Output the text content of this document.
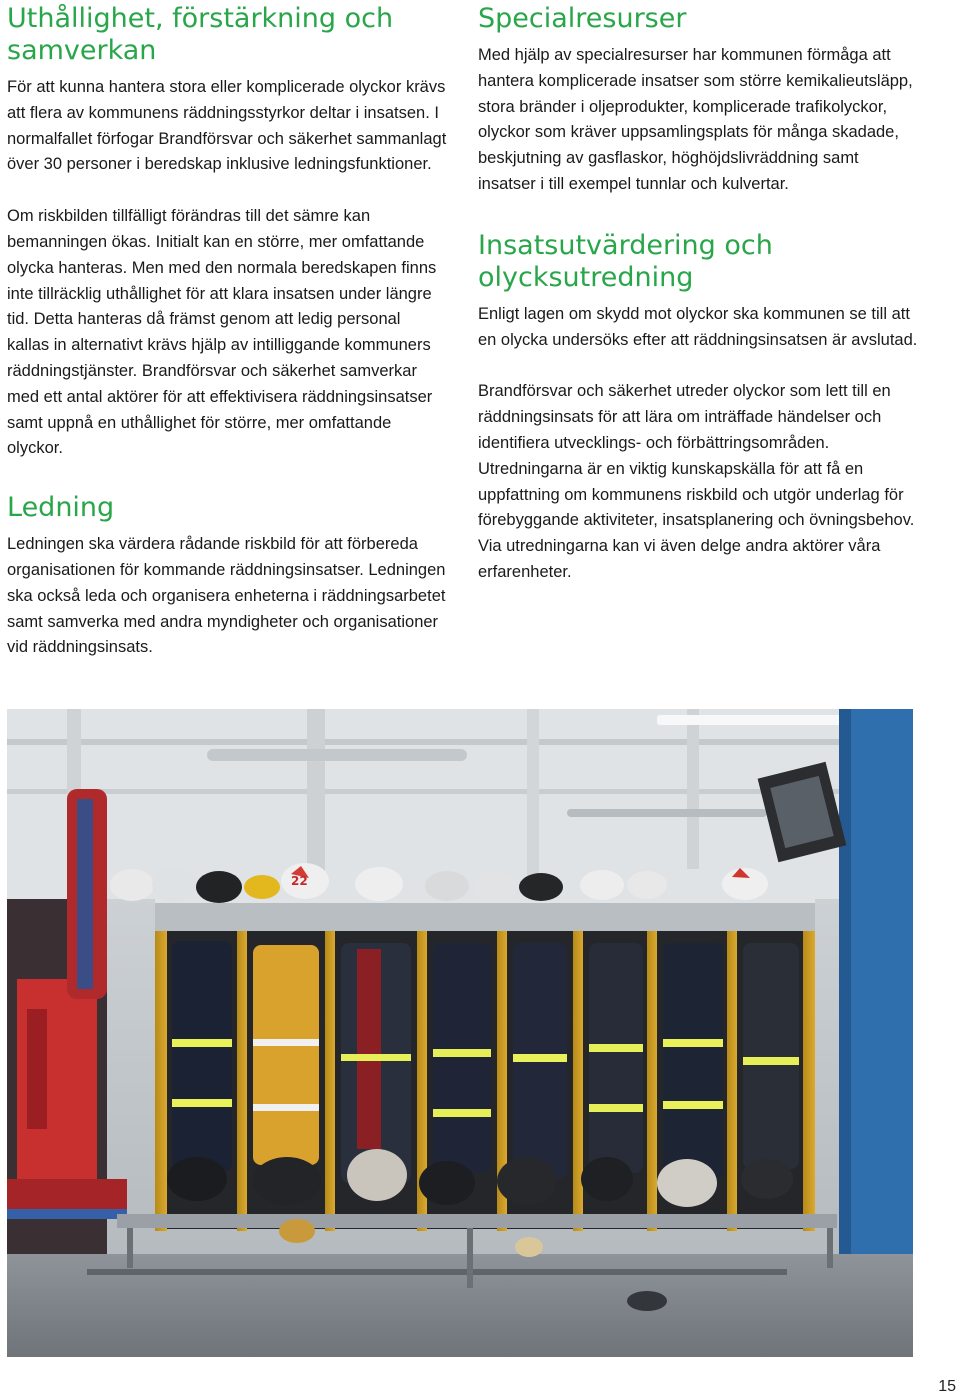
Uthållighet, förstärkning och samverkan

För att kunna hantera stora eller komplicerade olyckor krävs att flera av kommunens räddningsstyrkor deltar i insatsen. I normalfallet förfogar Brandförsvar och säkerhet sammanlagt över 30 personer i beredskap inklusive ledningsfunktioner.

Om riskbilden tillfälligt förändras till det sämre kan bemanningen ökas. Initialt kan en större, mer omfattande olycka hanteras. Men med den normala beredskapen finns inte tillräcklig uthållighet för att klara insatsen under längre tid. Detta hanteras då främst genom att ledig personal kallas in alternativt krävs hjälp av intilliggande kommuners räddningstjänster. Brandförsvar och säkerhet samverkar med ett antal aktörer för att effektivisera räddningsinsatser samt uppnå en uthållighet för större, mer omfattande olyckor.

Ledning

Ledningen ska värdera rådande riskbild för att förbereda organisationen för kommande räddningsinsatser. Ledningen ska också leda och organisera enheterna i räddningsarbetet samt samverka med andra myndigheter och organisationer vid räddningsinsats.

Specialresurser

Med hjälp av specialresurser har kommunen förmåga att hantera komplicerade insatser som större kemikalieutsläpp, stora bränder i oljeprodukter, komplicerade trafikolyckor, olyckor som kräver uppsamlingsplats för många skadade, beskjutning av gasflaskor, höghöjdslivräddning samt insatser i till exempel tunnlar och kulvertar.

Insatsutvärdering och olycksutredning

Enligt lagen om skydd mot olyckor ska kommunen se till att en olycka undersöks efter att räddningsinsatsen är avslutad.

Brandförsvar och säkerhet utreder olyckor som lett till en räddningsinsats för att lära om inträffade händelser och identifiera utvecklings- och förbättringsområden. Utredningarna är en viktig kunskapskälla för att få en uppfattning om kommunens riskbild och utgör underlag för förebyggande aktiviteter, insatsplanering och övningsbehov. Via utredningarna kan vi även delge andra aktörer våra erfarenheter.

22
15
